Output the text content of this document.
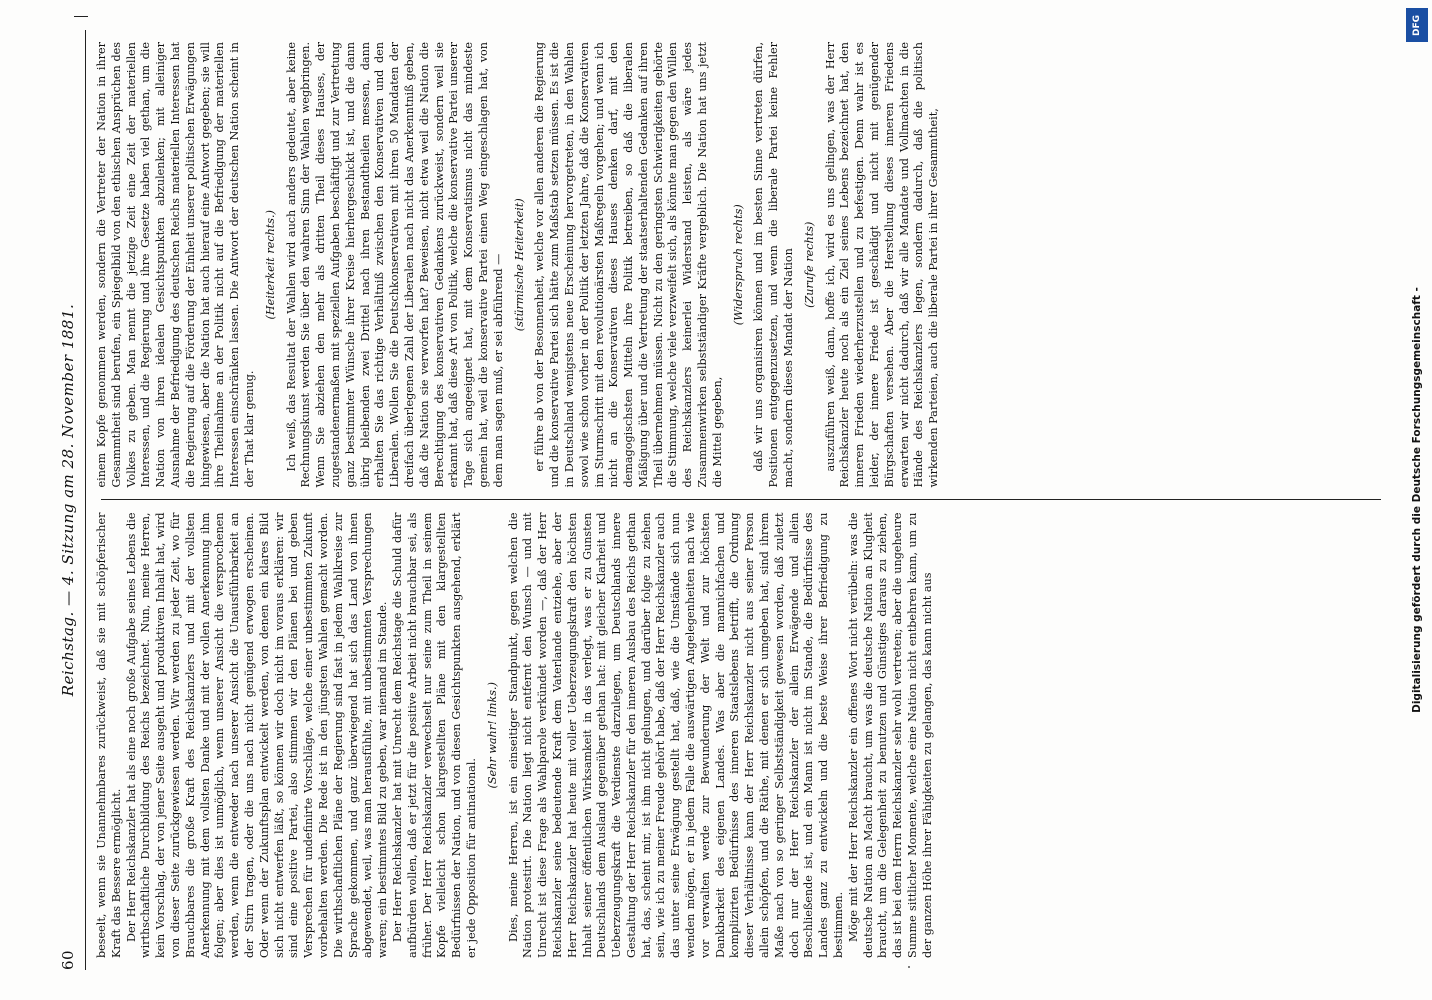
60
Reichstag. — 4. Sitzung am 28. November 1881.

beseelt, wenn sie Unannehmbares zurückweist, daß sie mit schöpferischer Kraft das Bessere ermöglicht. Der Herr Reichskanzler hat als eine noch große Aufgabe seines Lebens die wirthschaftliche Durchbildung des Reichs bezeichnet. Nun, meine Herren, kein Vorschlag, der von jener Seite ausgeht und produktiven Inhalt hat, wird von dieser Seite zurückgewiesen werden. Wir werden zu jeder Zeit, wo für Brauchbares die große Kraft des Reichskanzlers und mit der vollsten Anerkennung mit dem vollsten Danke und mit der vollen Anerkennung ihm folgen; aber dies ist unmöglich, wenn unserer Ansicht die versprochenen werden, wenn die entweder nach unserer Ansicht die Unausführbarkeit an der Stirn tragen, oder die uns nach nicht genügend erwogen erscheinen. Oder wenn der Zukunftsplan entwickelt werden, von denen ein klares Bild sich nicht entwerfen läßt, so können wir doch nicht im voraus erklären: wir sind eine positive Partei, also stimmen wir den Plänen bei und geben Versprechen für undefinirte Vorschläge, welche einer unbestimmten Zukunft vorbehalten werden. Die Rede ist in den jüngsten Wahlen gemacht worden. Die wirthschaftlichen Pläne der Regierung sind fast in jedem Wahlkreise zur Sprache gekommen, und ganz überwiegend hat sich das Land von ihnen abgewendet, weil, was man herausfühlte, mit unbestimmten Versprechungen waren; ein bestimmtes Bild zu geben, war niemand im Stande. Der Herr Reichskanzler hat mit Unrecht dem Reichstage die Schuld dafür aufbürden wollen, daß er jetzt für die positive Arbeit nicht brauchbar sei, als früher. Der Herr Reichskanzler verwechselt nur seine zum Theil in seinem Kopfe vielleicht schon klargestellten Pläne mit den klargestellten Bedürfnissen der Nation, und von diesen Gesichtspunkten ausgehend, erklärt er jede Opposition für antinational.

(Sehr wahr! links.) Dies, meine Herren, ist ein einseitiger Standpunkt, gegen welchen die Nation protestirt. Die Nation liegt nicht entfernt den Wunsch — und mit Unrecht ist diese Frage als Wahlparole verkündet worden —, daß der Herr Reichskanzler seine bedeutende Kraft dem Vaterlande entziehe, aber der Herr Reichskanzler hat heute mit voller Ueberzeugungskraft den höchsten Inhalt seiner öffentlichen Wirksamkeit in das verlegt, was er zu Gunsten Deutschlands dem Ausland gegenüber gethan hat: mit gleicher Klarheit und Ueberzeugungskraft die Verdienste darzulegen, um Deutschlands innere Gestaltung der Herr Reichskanzler für den inneren Ausbau des Reichs gethan hat, das, scheint mir, ist ihm nicht gelungen, und darüber folge zu ziehen sein, wie ich zu meiner Freude gehört habe, daß der Herr Reichskanzler auch das unter seine Erwägung gestellt hat, daß, wie die Umstände sich nun wenden mögen, er in jedem Falle die auswärtigen Angelegenheiten nach wie vor verwalten werde zur Bewunderung der Welt und zur höchsten Dankbarkeit des eigenen Landes. Was aber die mannichfachen und komplizirten Bedürfnisse des inneren Staatslebens betrifft, die Ordnung dieser Verhältnisse kann der Herr Reichskanzler nicht aus seiner Person allein schöpfen, und die Räthe, mit denen er sich umgeben hat, sind ihrem Maße nach von so geringer Selbstständigkeit gewesen worden, daß zuletzt doch nur der Herr Reichskanzler der allein Erwägende und allein Beschließende ist, und ein Mann ist nicht im Stande, die Bedürfnisse des Landes ganz zu entwickeln und die beste Weise ihrer Befriedigung zu bestimmen. Möge mit der Herr Reichskanzler ein offenes Wort nicht verübeln: was die deutsche Nation an Macht braucht, um was die deutsche Nation an Klugheit braucht, um die Gelegenheit zu benutzen und Günstiges daraus zu ziehen, das ist bei dem Herrn Reichskanzler sehr wohl vertreten; aber die ungeheure Summe sittlicher Momente, welche eine Nation nicht entbehren kann, um zu der ganzen Höhe ihrer Fähigkeiten zu gelangen, das kann nicht aus

einem Kopfe genommen werden, sondern die Vertreter der Nation in ihrer Gesammtheit sind berufen, ein Spiegelbild von den ethischen Ansprüchen des Volkes zu geben. Man nennt die jetzige Zeit eine Zeit der materiellen Interessen, und die Regierung und ihre Gesetze haben viel gethan, um die Nation von ihren idealen Gesichtspunkten abzulenken; mit alleiniger Ausnahme der Befriedigung des deutschen Reichs materiellen Interessen hat die Regierung auf die Förderung der Einheit unserer politischen Erwägungen hingewiesen, aber die Nation hat auch hierauf eine Antwort gegeben; sie will ihre Theilnahme an der Politik nicht auf die Befriedigung der materiellen Interessen einschränken lassen. Die Antwort der deutschen Nation scheint in der That klar genug.

(Heiterkeit rechts.) Ich weiß, das Resultat der Wahlen wird auch anders gedeutet, aber keine Rechnungskunst werden Sie über den wahren Sinn der Wahlen wegbringen. Wenn Sie abziehen den mehr als dritten Theil dieses Hauses, der zugestandenermaßen mit speziellen Aufgaben beschäftigt und zur Vertretung ganz bestimmter Wünsche ihrer Kreise hierhergeschickt ist, und die dann übrig bleibenden zwei Drittel nach ihren Bestandtheilen messen, dann erhalten Sie das richtige Verhältniß zwischen den Konservativen und den Liberalen. Wollen Sie die Deutschkonservativen mit ihren 50 Mandaten der dreifach überlegenen Zahl der Liberalen nach nicht das Anerkenntniß geben, daß die Nation sie verworfen hat? Beweisen, nicht etwa weil die Nation die Berechtigung des konservativen Gedankens zurückweist, sondern weil sie erkannt hat, daß diese Art von Politik, welche die konservative Partei unserer Tage sich angeeignet hat, mit dem Konservatismus nicht das mindeste gemein hat, weil die konservative Partei einen Weg eingeschlagen hat, von dem man sagen muß, er sei abführend — (stürmische Heiterkeit) er führe ab von der Besonnenheit, welche vor allen anderen die Regierung und die konservative Partei sich hätte zum Maßstab setzen müssen. Es ist die in Deutschland wenigstens neue Erscheinung hervorgetreten, in den Wahlen sowol wie schon vorher in der Politik der letzten Jahre, daß die Konservativen im Sturmschritt mit den revolutionärsten Maßregeln vorgehen; und wenn ich nicht an die Konservativen dieses Hauses denken darf, mit den demagogischsten Mitteln ihre Politik betreiben, so daß die liberalen Mäßigung über und die Vertretung der staatserhaltenden Gedanken auf ihren Theil übernehmen müssen. Nicht zu den geringsten Schwierigkeiten gehörte die Stimmung, welche viele verzweifelt sich, als könnte man gegen den Willen des Reichskanzlers keinerlei Widerstand leisten, als wäre jedes Zusammenwirken selbstständiger Kräfte vergeblich. Die Nation hat uns jetzt die Mittel gegeben,

(Widerspruch rechts) daß wir uns organisiren können und im besten Sinne vertreten dürfen, Positionen entgegenzusetzen, und wenn die liberale Partei keine Fehler macht, sondern dieses Mandat der Nation (Zurufe rechts) auszuführen weiß, dann, hoffe ich, wird es uns gelingen, was der Herr Reichskanzler heute noch als ein Ziel seines Lebens bezeichnet hat, den inneren Frieden wiederherzustellen und zu befestigen. Denn wahr ist es leider, der innere Friede ist geschädigt und nicht mit genügender Bürgschaften versehen. Aber die Herstellung dieses inneren Friedens erwarten wir nicht dadurch, daß wir alle Mandate und Vollmachten in die Hände des Reichskanzlers legen, sondern dadurch, daß die politisch wirkenden Parteien, auch die liberale Partei in ihrer Gesammtheit,	Digitalisierung gefördert durch die Deutsche Forschungsgemeinschaft -
DFG
